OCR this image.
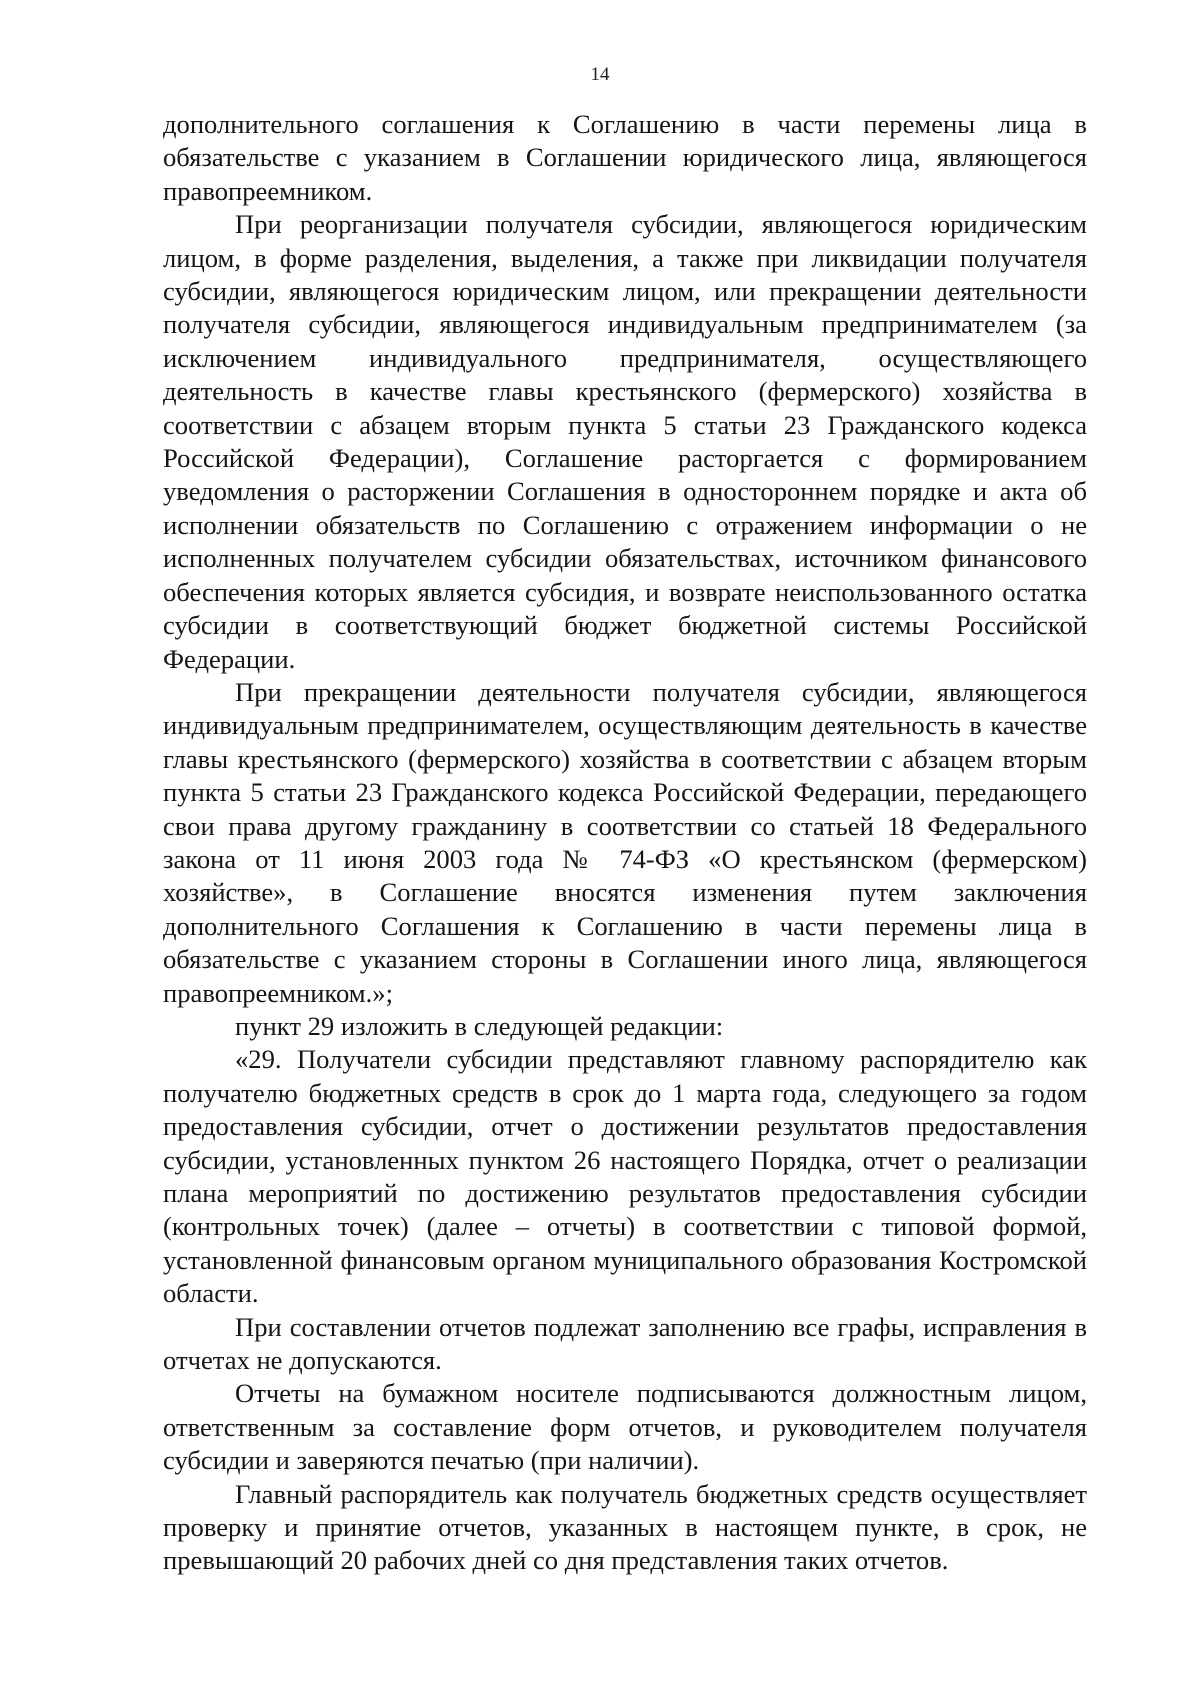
14

дополнительного соглашения к Соглашению в части перемены лица в обязательстве с указанием в Соглашении юридического лица, являющегося правопреемником.

При реорганизации получателя субсидии, являющегося юридическим лицом, в форме разделения, выделения, а также при ликвидации получателя субсидии, являющегося юридическим лицом, или прекращении деятельности получателя субсидии, являющегося индивидуальным предпринимателем (за исключением индивидуального предпринимателя, осуществляющего деятельность в качестве главы крестьянского (фермерского) хозяйства в соответствии с абзацем вторым пункта 5 статьи 23 Гражданского кодекса Российской Федерации), Соглашение расторгается с формированием уведомления о расторжении Соглашения в одностороннем порядке и акта об исполнении обязательств по Соглашению с отражением информации о не исполненных получателем субсидии обязательствах, источником финансового обеспечения которых является субсидия, и возврате неиспользованного остатка субсидии в соответствующий бюджет бюджетной системы Российской Федерации.

При прекращении деятельности получателя субсидии, являющегося индивидуальным предпринимателем, осуществляющим деятельность в качестве главы крестьянского (фермерского) хозяйства в соответствии с абзацем вторым пункта 5 статьи 23 Гражданского кодекса Российской Федерации, передающего свои права другому гражданину в соответствии со статьей 18 Федерального закона от 11 июня 2003 года № 74-ФЗ «О крестьянском (фермерском) хозяйстве», в Соглашение вносятся изменения путем заключения дополнительного Соглашения к Соглашению в части перемены лица в обязательстве с указанием стороны в Соглашении иного лица, являющегося правопреемником.»;

пункт 29 изложить в следующей редакции:

«29. Получатели субсидии представляют главному распорядителю как получателю бюджетных средств в срок до 1 марта года, следующего за годом предоставления субсидии, отчет о достижении результатов предоставления субсидии, установленных пунктом 26 настоящего Порядка, отчет о реализации плана мероприятий по достижению результатов предоставления субсидии (контрольных точек) (далее – отчеты) в соответствии с типовой формой, установленной финансовым органом муниципального образования Костромской области.

При составлении отчетов подлежат заполнению все графы, исправления в отчетах не допускаются.

Отчеты на бумажном носителе подписываются должностным лицом, ответственным за составление форм отчетов, и руководителем получателя субсидии и заверяются печатью (при наличии).

Главный распорядитель как получатель бюджетных средств осуществляет проверку и принятие отчетов, указанных в настоящем пункте, в срок, не превышающий 20 рабочих дней со дня представления таких отчетов.
